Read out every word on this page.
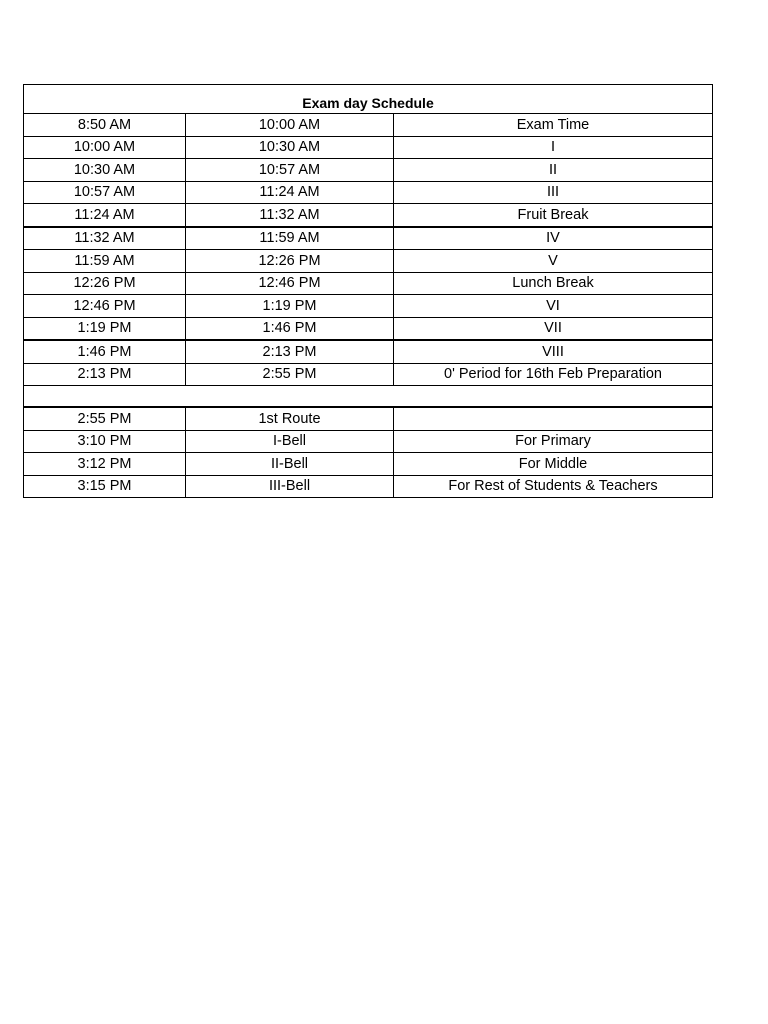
Exam day Schedule		
8:50 AM	10:00 AM	Exam Time
10:00 AM	10:30 AM	I
10:30 AM	10:57 AM	II
10:57 AM	11:24 AM	III
11:24 AM	11:32 AM	Fruit Break
11:32 AM	11:59 AM	IV
11:59 AM	12:26 PM	V
12:26 PM	12:46 PM	Lunch Break
12:46 PM	1:19 PM	VI
1:19 PM	1:46 PM	VII
1:46 PM	2:13 PM	VIII
2:13 PM	2:55 PM	0' Period for 16th Feb Preparation

2:55 PM	1st Route	
3:10 PM	I-Bell	For Primary
3:12 PM	II-Bell	For Middle
3:15 PM	III-Bell	For Rest of Students & Teachers
